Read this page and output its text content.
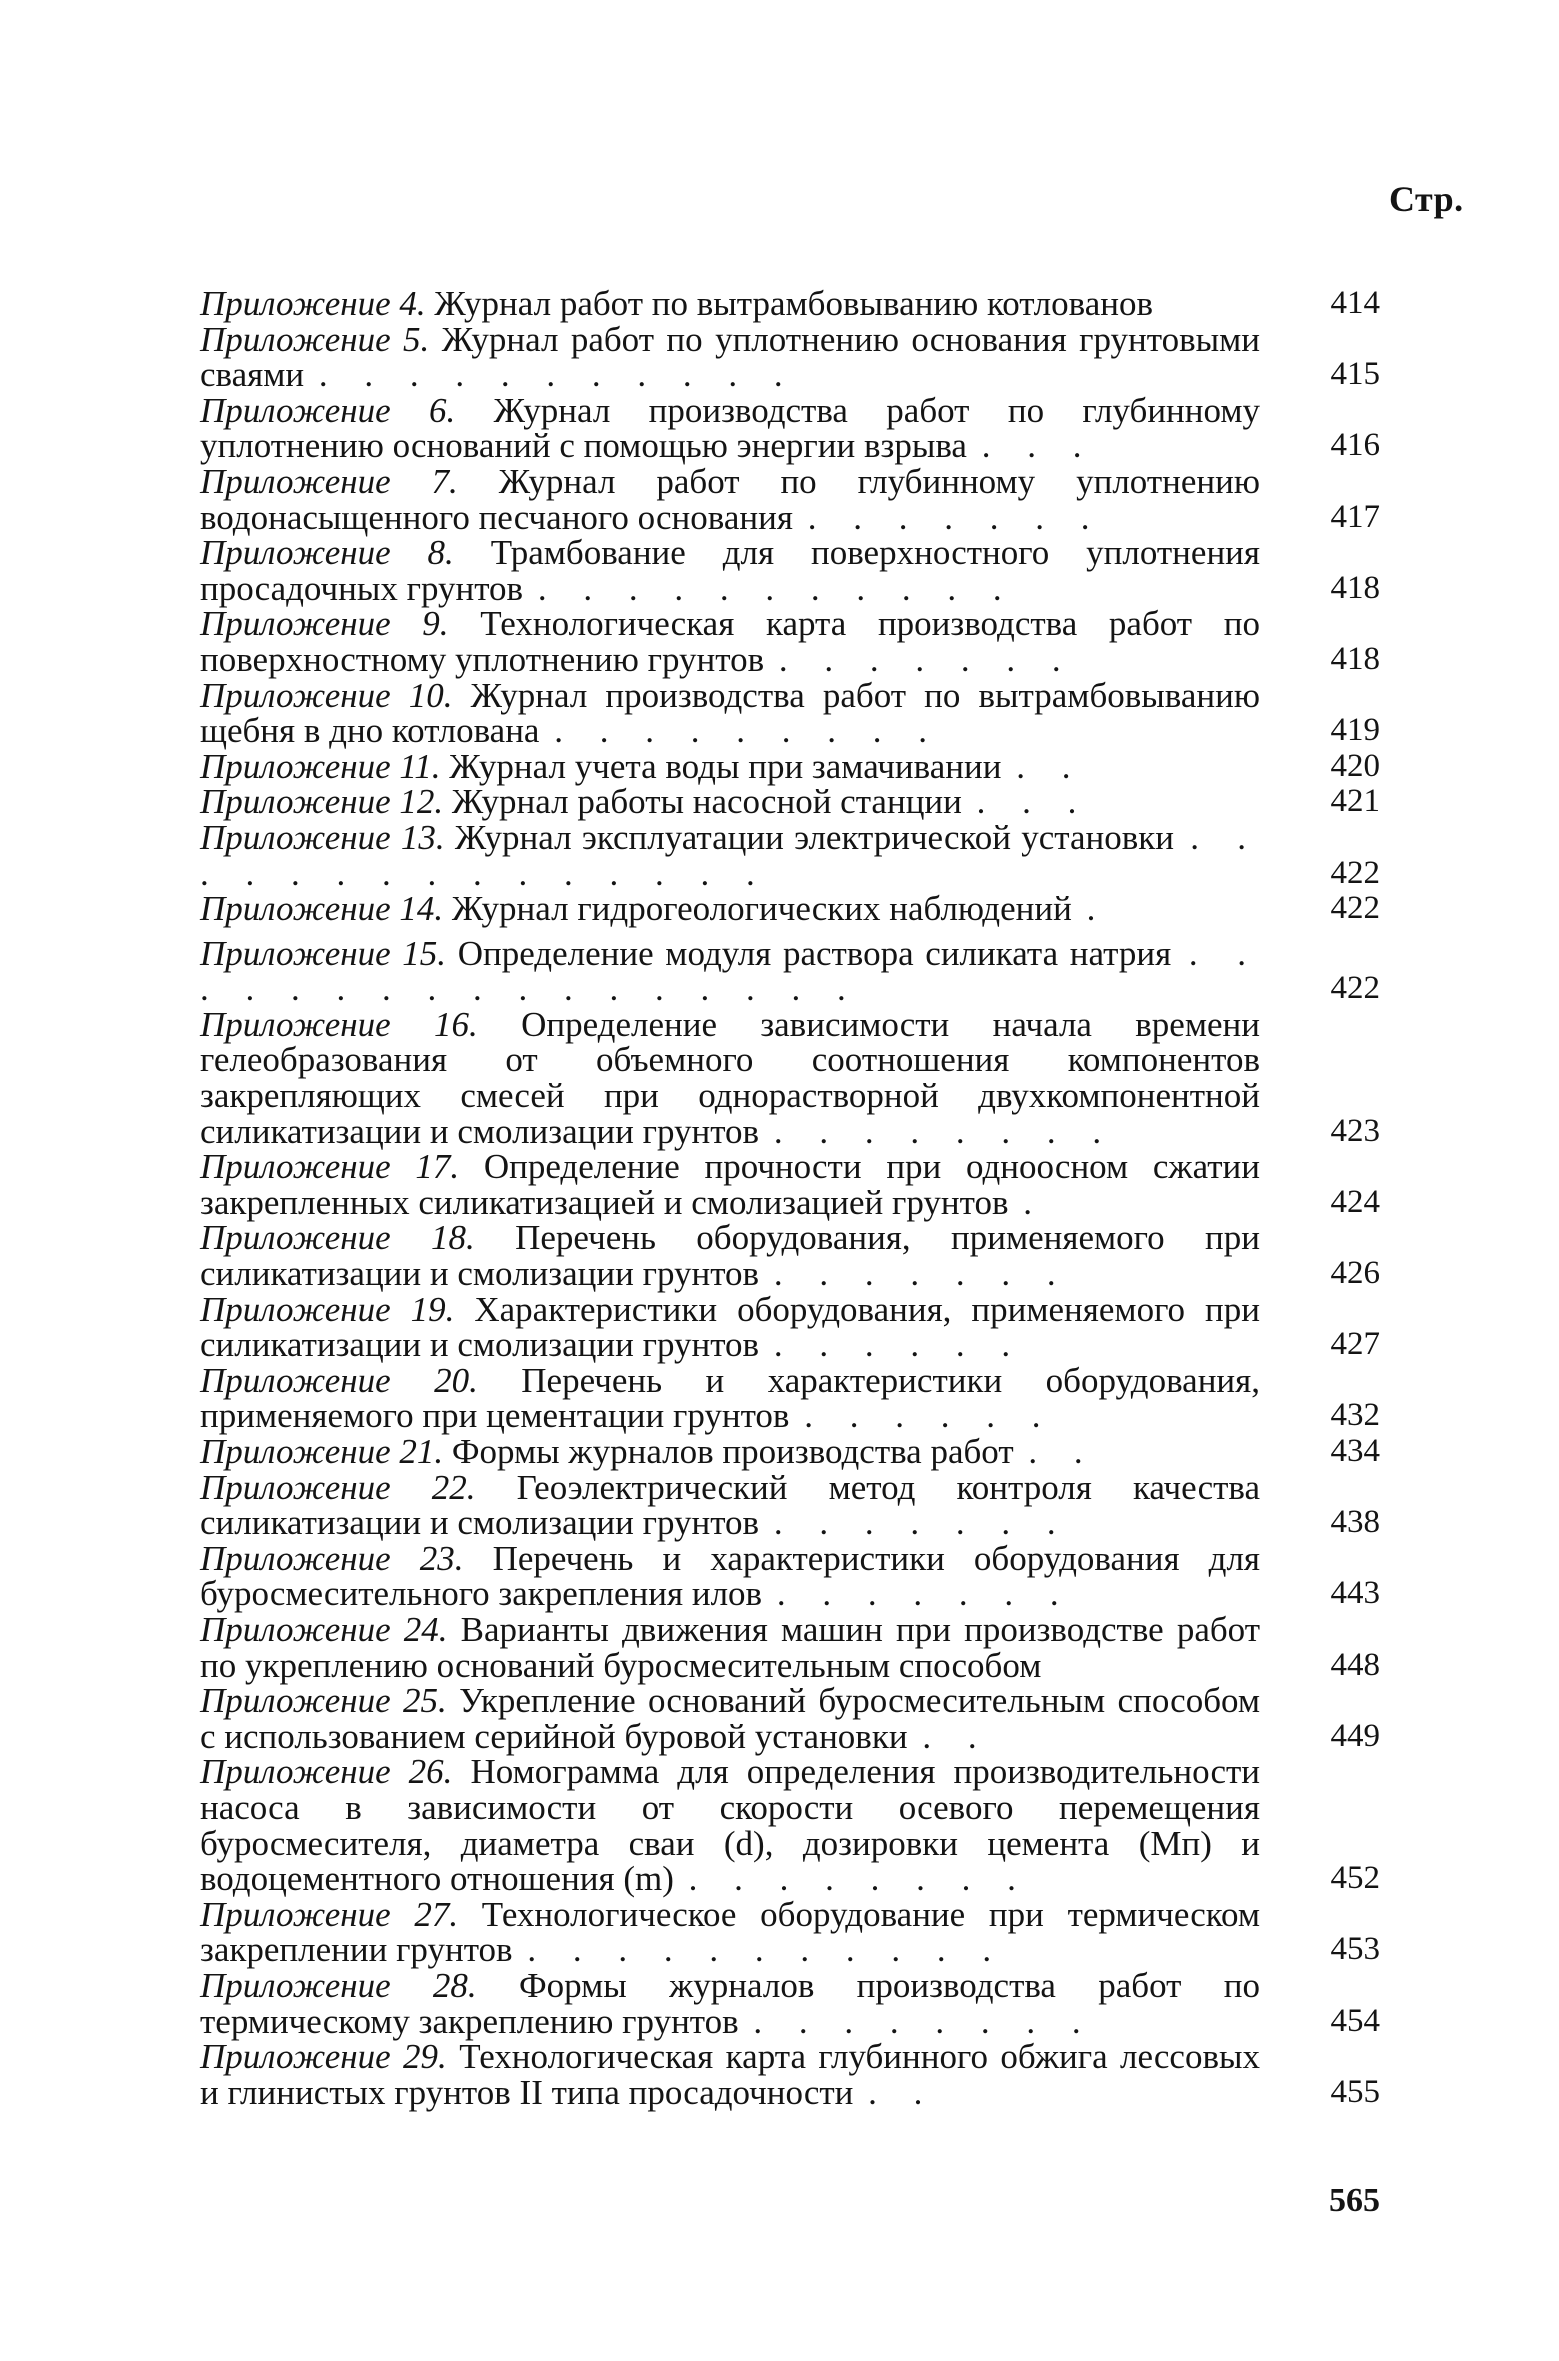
Стр.
Приложение 4. Журнал работ по вытрамбовыванию котлованов	414
Приложение 5. Журнал работ по уплотнению основания грунтовыми сваями . . . . . . . . . . .	415
Приложение 6. Журнал производства работ по глубинному уплотнению оснований с помощью энергии взрыва . . .	416
Приложение 7. Журнал работ по глубинному уплотнению водонасыщенного песчаного основания . . . . . . .	417
Приложение 8. Трамбование для поверхностного уплотнения просадочных грунтов . . . . . . . . . . .	418
Приложение 9. Технологическая карта производства работ по поверхностному уплотнению грунтов . . . . . . .	418
Приложение 10. Журнал производства работ по вытрамбовыванию щебня в дно котлована . . . . . . . . .	419
Приложение 11. Журнал учета воды при замачивании . .	420
Приложение 12. Журнал работы насосной станции . . .	421
Приложение 13. Журнал эксплуатации электрической установки . . . . . . . . . . . . . . .	422
Приложение 14. Журнал гидрогеологических наблюдений .	422
Приложение 15. Определение модуля раствора силиката натрия . . . . . . . . . . . . . . . . .	422
Приложение 16. Определение зависимости начала времени гелеобразования от объемного соотношения компонентов закрепляющих смесей при однорастворной двухкомпонентной силикатизации и смолизации грунтов . . . . . . . .	423
Приложение 17. Определение прочности при одноосном сжатии закрепленных силикатизацией и смолизацией грунтов .	424
Приложение 18. Перечень оборудования, применяемого при силикатизации и смолизации грунтов . . . . . . .	426
Приложение 19. Характеристики оборудования, применяемого при силикатизации и смолизации грунтов . . . . . .	427
Приложение 20. Перечень и характеристики оборудования, применяемого при цементации грунтов . . . . . .	432
Приложение 21. Формы журналов производства работ . .	434
Приложение 22. Геоэлектрический метод контроля качества силикатизации и смолизации грунтов . . . . . . .	438
Приложение 23. Перечень и характеристики оборудования для буросмесительного закрепления илов . . . . . . .	443
Приложение 24. Варианты движения машин при производстве работ по укреплению оснований буросмесительным способом	448
Приложение 25. Укрепление оснований буросмесительным способом с использованием серийной буровой установки . .	449
Приложение 26. Номограмма для определения производительности насоса в зависимости от скорости осевого перемещения буросмесителя, диаметра сваи (d), дозировки цемента (Mп) и водоцементного отношения (m) . . . . . . . .	452
Приложение 27. Технологическое оборудование при термическом закреплении грунтов . . . . . . . . . . .	453
Приложение 28. Формы журналов производства работ по термическому закреплению грунтов . . . . . . . .	454
Приложение 29. Технологическая карта глубинного обжига лессовых и глинистых грунтов II типа просадочности . .	455
565
